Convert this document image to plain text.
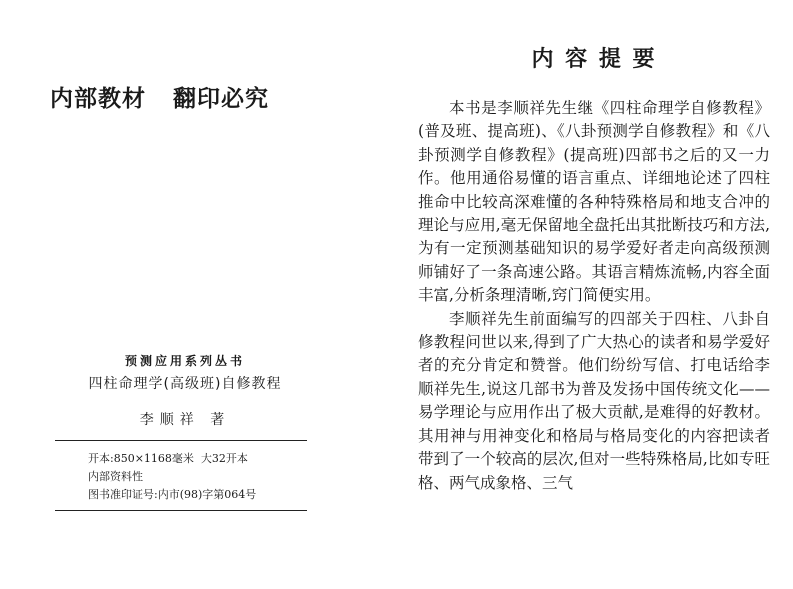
内部教材   翻印必究
预测应用系列丛书
四柱命理学(高级班)自修教程
李顺祥 著
开本:850×1168毫米  大32开本
内部资料性
图书准印证号:内市(98)字第064号
内 容 提 要

本书是李顺祥先生继《四柱命理学自修教程》(普及班、提高班)、《八卦预测学自修教程》和《八卦预测学自修教程》(提高班)四部书之后的又一力作。他用通俗易懂的语言重点、详细地论述了四柱推命中比较高深难懂的各种特殊格局和地支合冲的理论与应用,毫无保留地全盘托出其批断技巧和方法,为有一定预测基础知识的易学爱好者走向高级预测师铺好了一条高速公路。其语言精炼流畅,内容全面丰富,分析条理清晰,窍门简便实用。

李顺祥先生前面编写的四部关于四柱、八卦自修教程问世以来,得到了广大热心的读者和易学爱好者的充分肯定和赞誉。他们纷纷写信、打电话给李顺祥先生,说这几部书为普及发扬中国传统文化——易学理论与应用作出了极大贡献,是难得的好教材。其用神与用神变化和格局与格局变化的内容把读者带到了一个较高的层次,但对一些特殊格局,比如专旺格、两气成象格、三气
